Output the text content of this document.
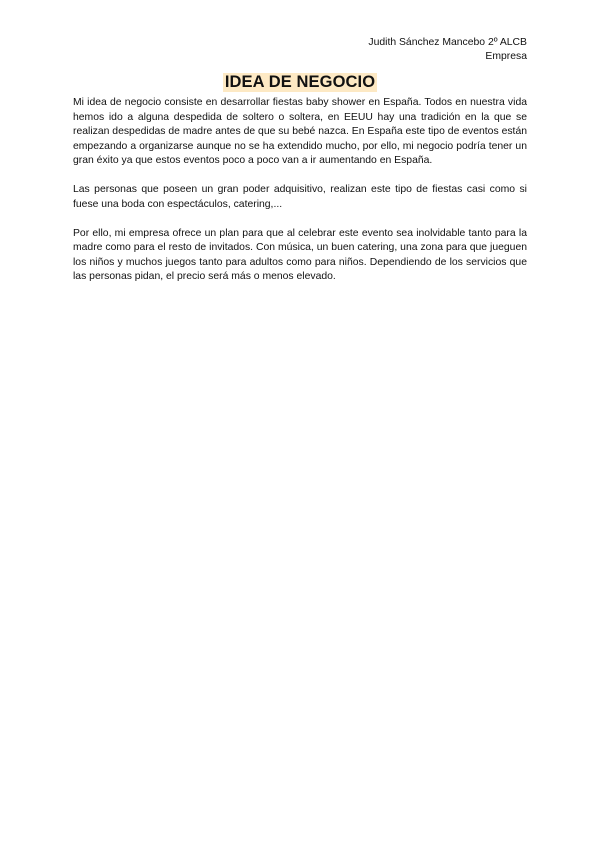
Judith Sánchez Mancebo 2º ALCB
Empresa
IDEA DE NEGOCIO

Mi idea de negocio consiste en desarrollar fiestas baby shower en España. Todos en nuestra vida hemos ido a alguna despedida de soltero o soltera, en EEUU hay una tradición en la que se realizan despedidas de madre antes de que su bebé nazca. En España este tipo de eventos están empezando a organizarse aunque no se ha extendido mucho, por ello, mi negocio podría tener un gran éxito ya que estos eventos poco a poco van a ir aumentando en España.

Las personas que poseen un gran poder adquisitivo, realizan este tipo de fiestas casi como si fuese una boda con espectáculos, catering,...

Por ello, mi empresa ofrece un plan para que al celebrar este evento sea inolvidable tanto para la madre como para el resto de invitados. Con música, un buen catering, una zona para que jueguen los niños y muchos juegos tanto para adultos como para niños. Dependiendo de los servicios que las personas pidan, el precio será más o menos elevado.
